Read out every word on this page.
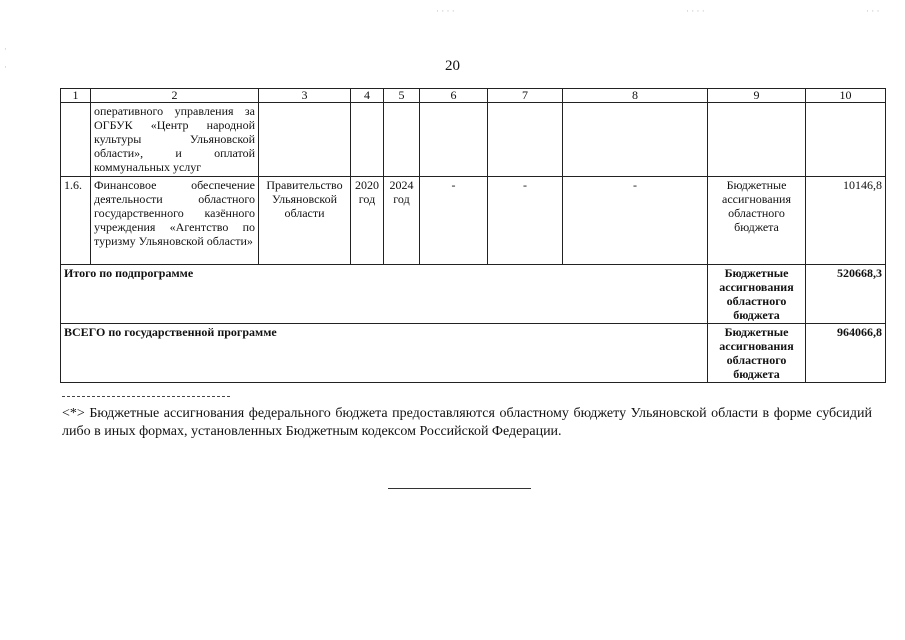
· · · ·	· · · ·	· · ·
·
·	20
1	2	3	4	5	6	7	8	9	10
	оперативного управления за ОГБУК «Центр народной культуры Ульяновской области», и оплатой коммунальных услуг								
1.6.	Финансовое обеспечение деятельности областного государственного казённого учреждения «Агентство по туризму Ульяновской области»	Правительство Ульяновской области	2020 год	2024 год	-	-	-	Бюджетные ассигнования областного бюджета	10146,8
Итого по подпрограмме								Бюджетные ассигнования областного бюджета	520668,3
ВСЕГО по государственной программе								Бюджетные ассигнования областного бюджета	964066,8
<*> Бюджетные ассигнования федерального бюджета предоставляются областному бюджету Ульяновской области в форме субсидий либо в иных формах, установленных Бюджетным кодексом Российской Федерации.
